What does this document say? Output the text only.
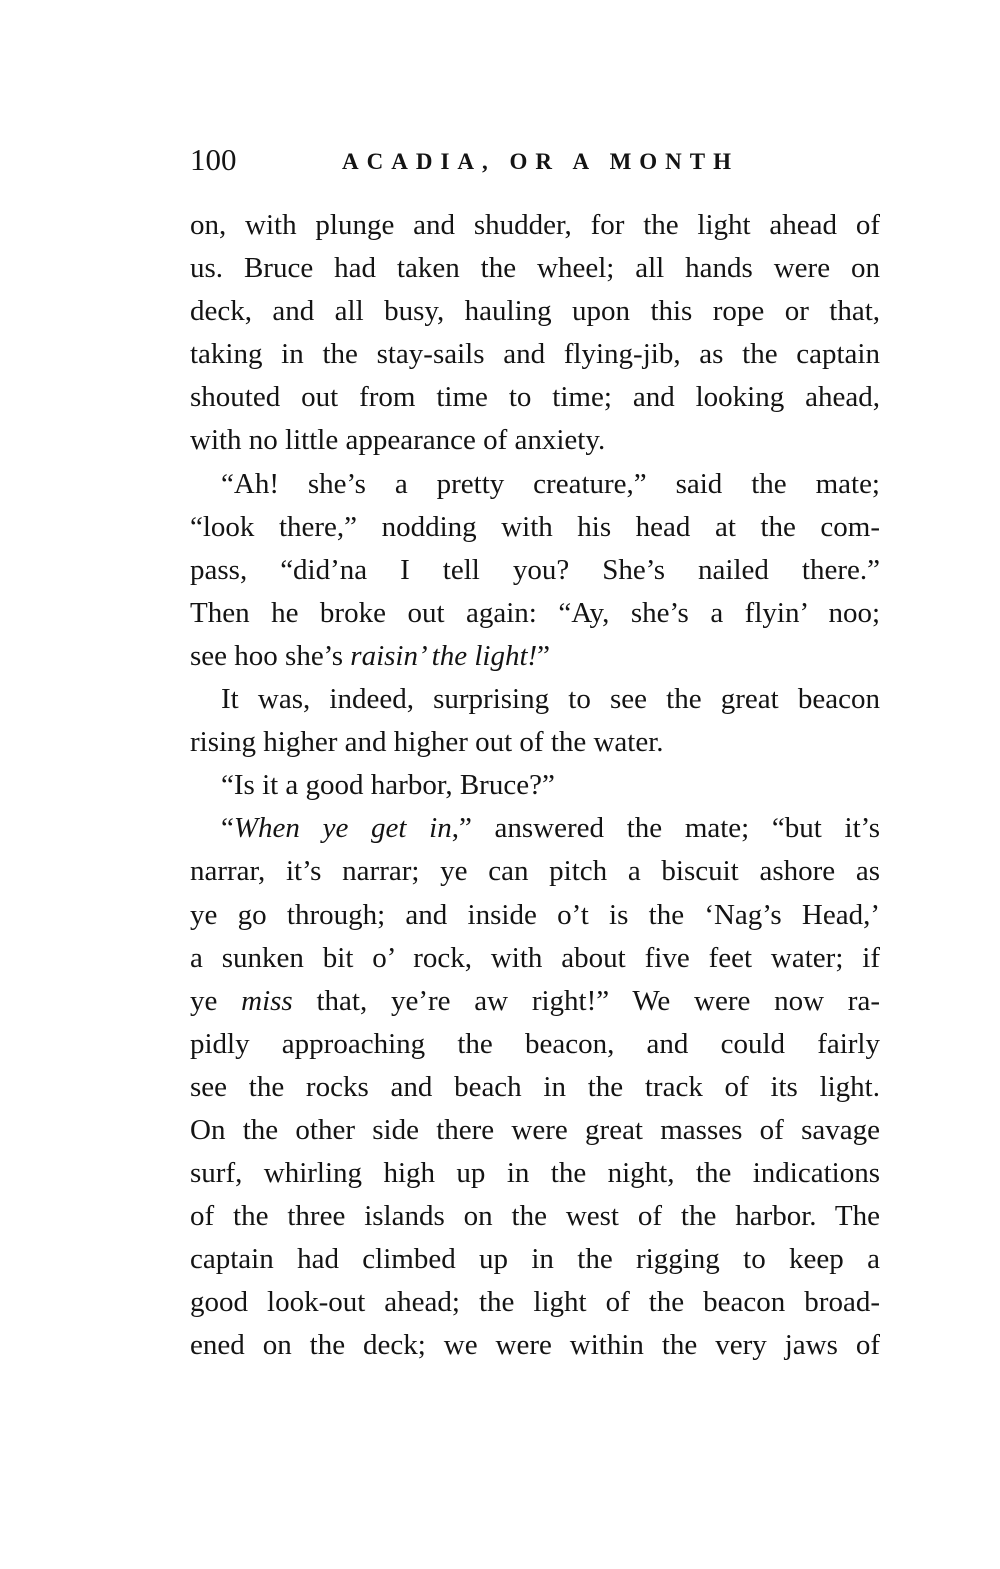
100	ACADIA, OR A MONTH

on, with plunge and shudder, for the light ahead of
us. Bruce had taken the wheel; all hands were on
deck, and all busy, hauling upon this rope or that,
taking in the stay-sails and flying-jib, as the captain
shouted out from time to time; and looking ahead,
with no little appearance of anxiety.

“Ah! she’s a pretty creature,” said the mate;
“look there,” nodding with his head at the com-
pass, “did’na I tell you? She’s nailed there.”
Then he broke out again: “Ay, she’s a flyin’ noo;
see hoo she’s raisin’ the light!”

It was, indeed, surprising to see the great beacon
rising higher and higher out of the water.

“Is it a good harbor, Bruce?”

“When ye get in,” answered the mate; “but it’s
narrar, it’s narrar; ye can pitch a biscuit ashore as
ye go through; and inside o’t is the ‘Nag’s Head,’
a sunken bit o’ rock, with about five feet water; if
ye miss that, ye’re aw right!” We were now ra-
pidly approaching the beacon, and could fairly
see the rocks and beach in the track of its light.
On the other side there were great masses of savage
surf, whirling high up in the night, the indications
of the three islands on the west of the harbor. The
captain had climbed up in the rigging to keep a
good look-out ahead; the light of the beacon broad-
ened on the deck; we were within the very jaws of
